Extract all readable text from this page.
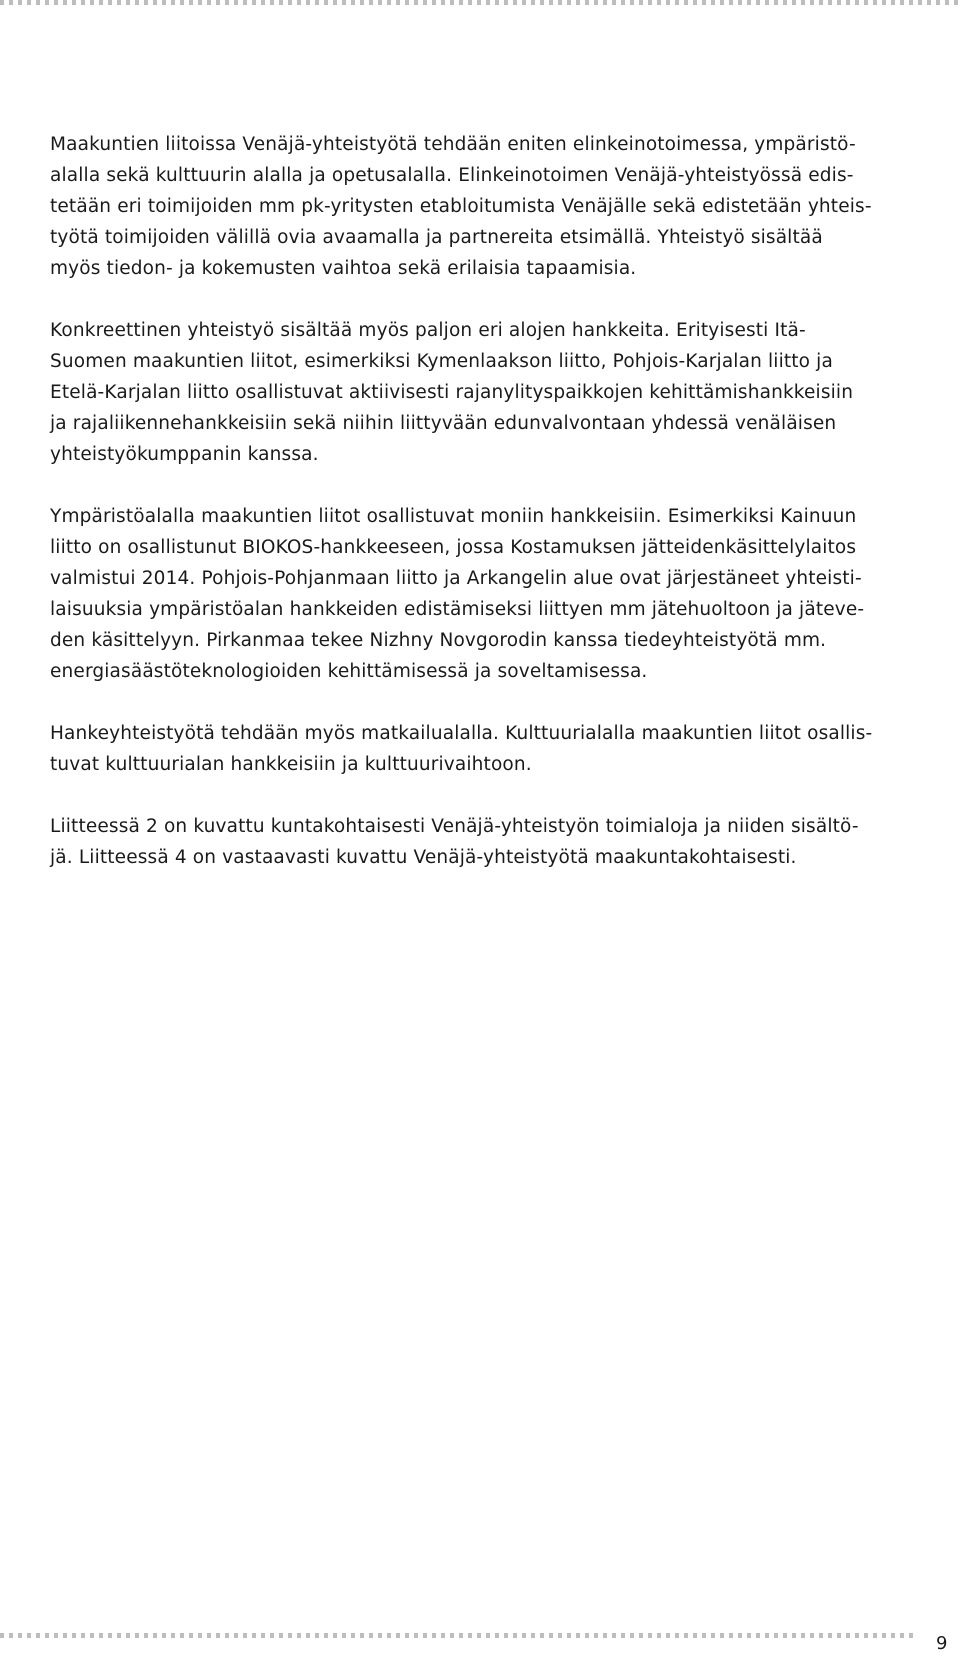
Maakuntien liitoissa Venäjä-yhteistyötä tehdään eniten elinkeinotoimessa, ympäristö-
alalla sekä kulttuurin alalla ja opetusalalla. Elinkeinotoimen Venäjä-yhteistyössä edis-
tetään eri toimijoiden mm pk-yritysten etabloitumista Venäjälle sekä edistetään yhteis-
työtä toimijoiden välillä ovia avaamalla ja partnereita etsimällä. Yhteistyö sisältää
myös tiedon- ja kokemusten vaihtoa sekä erilaisia tapaamisia.

Konkreettinen yhteistyö sisältää myös paljon eri alojen hankkeita. Erityisesti Itä-
Suomen maakuntien liitot, esimerkiksi Kymenlaakson liitto, Pohjois-Karjalan liitto ja
Etelä-Karjalan liitto osallistuvat aktiivisesti rajanylityspaikkojen kehittämishankkeisiin
ja rajaliikennehankkeisiin sekä niihin liittyvään edunvalvontaan yhdessä venäläisen
yhteistyökumppanin kanssa.

Ympäristöalalla maakuntien liitot osallistuvat moniin hankkeisiin. Esimerkiksi Kainuun
liitto on osallistunut BIOKOS-hankkeeseen, jossa Kostamuksen jätteidenkäsittelylaitos
valmistui 2014. Pohjois-Pohjanmaan liitto ja Arkangelin alue ovat järjestäneet yhteisti-
laisuuksia ympäristöalan hankkeiden edistämiseksi liittyen mm jätehuoltoon ja jäteve-
den käsittelyyn. Pirkanmaa tekee Nizhny Novgorodin kanssa tiedeyhteistyötä mm.
energiasäästöteknologioiden kehittämisessä ja soveltamisessa.

Hankeyhteistyötä tehdään myös matkailualalla. Kulttuurialalla maakuntien liitot osallis-
tuvat kulttuurialan hankkeisiin ja kulttuurivaihtoon.

Liitteessä 2 on kuvattu kuntakohtaisesti Venäjä-yhteistyön toimialoja ja niiden sisältö-
jä. Liitteessä 4 on vastaavasti kuvattu Venäjä-yhteistyötä maakuntakohtaisesti.

9
